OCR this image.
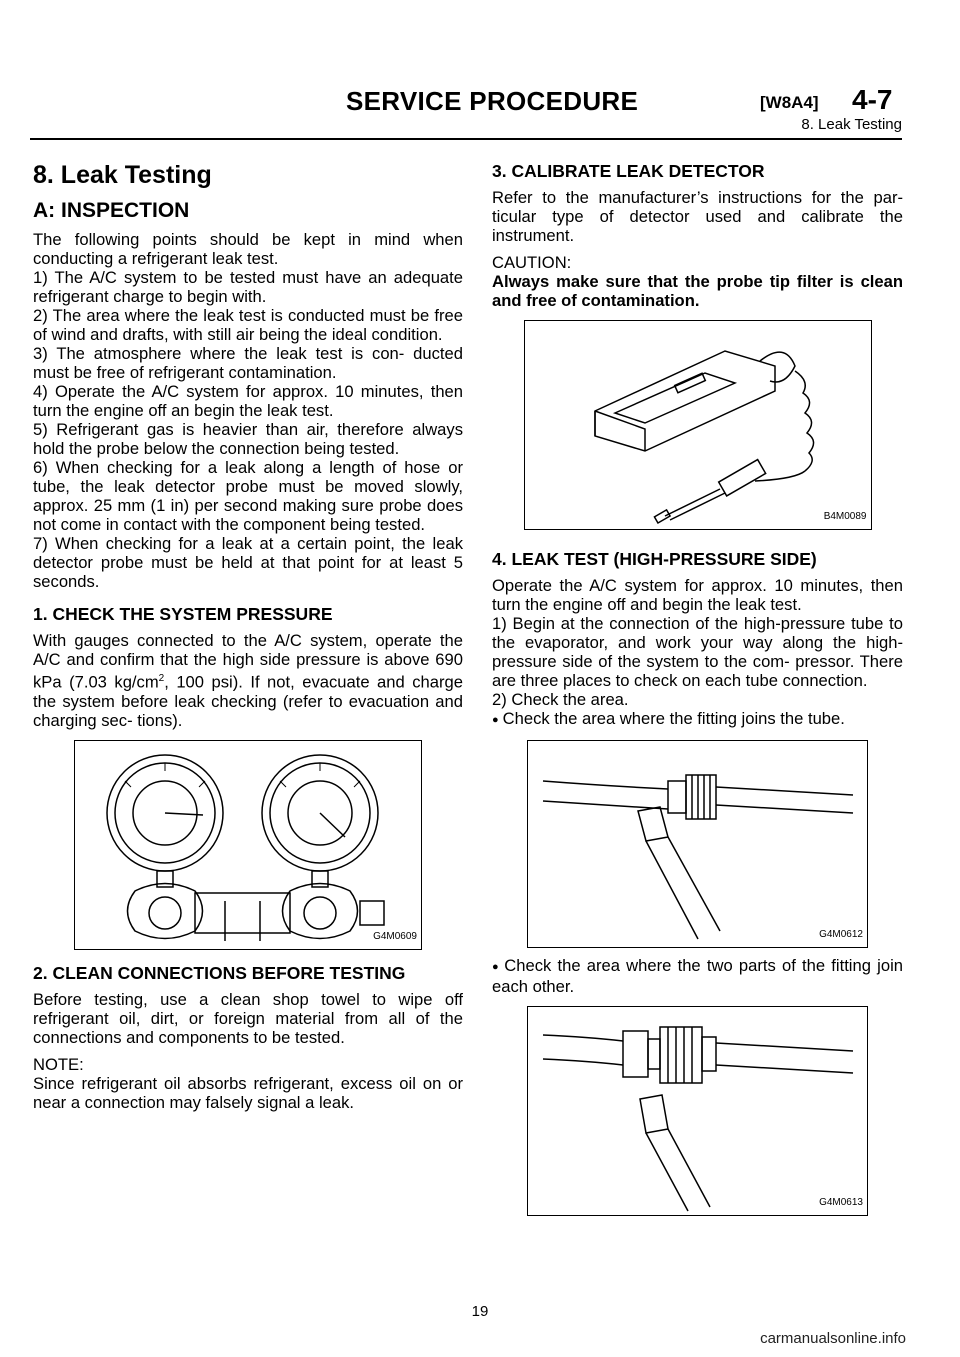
SERVICE PROCEDURE	[W8A4] 4-7
8. Leak Testing
8. Leak Testing
A: INSPECTION

The following points should be kept in mind when conducting a refrigerant leak test.

1) The A/C system to be tested must have an adequate refrigerant charge to begin with.

2) The area where the leak test is conducted must be free of wind and drafts, with still air being the ideal condition.

3) The atmosphere where the leak test is con- ducted must be free of refrigerant contamination.

4) Operate the A/C system for approx. 10 minutes, then turn the engine off an begin the leak test.

5) Refrigerant gas is heavier than air, therefore always hold the probe below the connection being tested.

6) When checking for a leak along a length of hose or tube, the leak detector probe must be moved slowly, approx. 25 mm (1 in) per second making sure probe does not come in contact with the component being tested.

7) When checking for a leak at a certain point, the leak detector probe must be held at that point for at least 5 seconds.

1. CHECK THE SYSTEM PRESSURE

With gauges connected to the A/C system, operate the A/C and confirm that the high side pressure is above 690 kPa (7.03 $kg/cm^2$, 100 psi). If not, evacuate and charge the system before leak checking (refer to evacuation and charging sec- tions).

G4M0609
2. CLEAN CONNECTIONS BEFORE TESTING

Before testing, use a clean shop towel to wipe off refrigerant oil, dirt, or foreign material from all of the connections and components to be tested.

NOTE:

Since refrigerant oil absorbs refrigerant, excess oil on or near a connection may falsely signal a leak.

3. CALIBRATE LEAK DETECTOR

Refer to the manufacturer’s instructions for the par- ticular type of detector used and calibrate the instrument.

CAUTION:

Always make sure that the probe tip filter is clean and free of contamination.

B4M0089
4. LEAK TEST (HIGH-PRESSURE SIDE)

Operate the A/C system for approx. 10 minutes, then turn the engine off and begin the leak test.

1) Begin at the connection of the high-pressure tube to the evaporator, and work your way along the high- pressure side of the system to the com- pressor. There are three places to check on each tube connection.

2) Check the area.

● Check the area where the fitting joins the tube.

G4M0612

● Check the area where the two parts of the fitting join each other.

G4M0613
19
carmanualsonline.info
